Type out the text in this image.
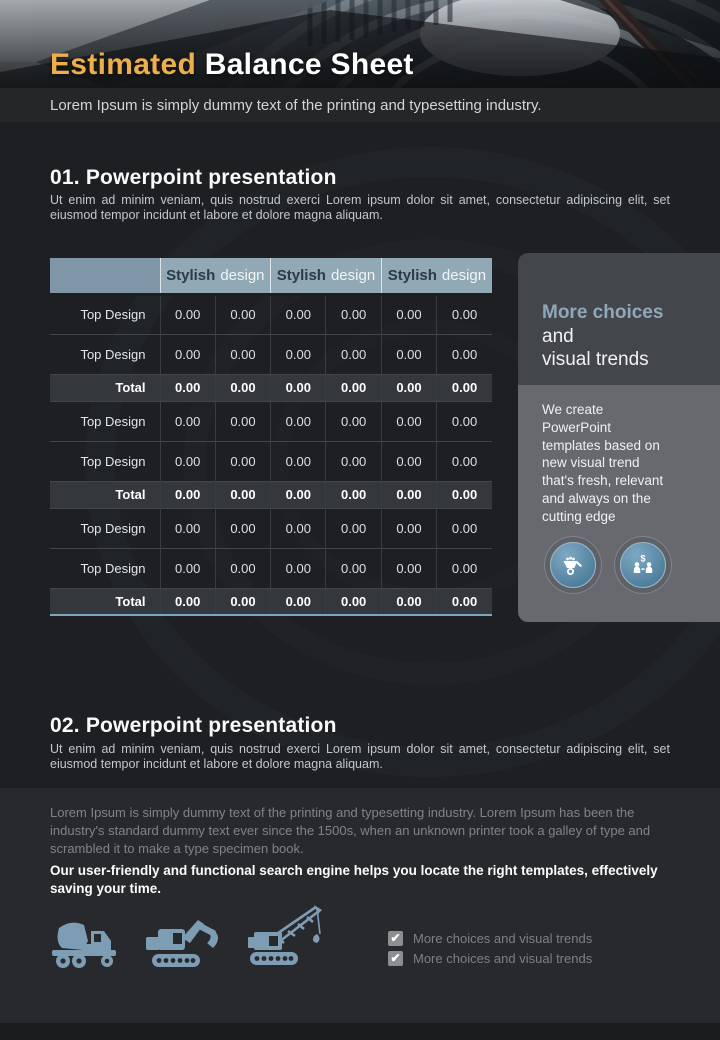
Estimated Balance Sheet
Lorem Ipsum is simply dummy text of the printing and typesetting industry.
01. Powerpoint presentation
Ut enim ad minim veniam, quis nostrud exerci Lorem ipsum dolor sit amet, consectetur adipiscing elit, set eiusmod tempor incidunt et labore et dolore magna aliquam.
	Stylish design		Stylish design		Stylish design	
Top Design	0.00	0.00	0.00	0.00	0.00	0.00
Top Design	0.00	0.00	0.00	0.00	0.00	0.00
Total	0.00	0.00	0.00	0.00	0.00	0.00
Top Design	0.00	0.00	0.00	0.00	0.00	0.00
Top Design	0.00	0.00	0.00	0.00	0.00	0.00
Total	0.00	0.00	0.00	0.00	0.00	0.00
Top Design	0.00	0.00	0.00	0.00	0.00	0.00
Top Design	0.00	0.00	0.00	0.00	0.00	0.00
Total	0.00	0.00	0.00	0.00	0.00	0.00
More choices
and
visual trends
We create PowerPoint templates based on new visual trend that's fresh, relevant and always on the cutting edge
$
02. Powerpoint presentation
Ut enim ad minim veniam, quis nostrud exerci Lorem ipsum dolor sit amet, consectetur adipiscing elit, set eiusmod tempor incidunt et labore et dolore magna aliquam.
Lorem Ipsum is simply dummy text of the printing and typesetting industry. Lorem Ipsum has been the industry's standard dummy text ever since the 1500s, when an unknown printer took a galley of type and scrambled it to make a type specimen book.
Our user-friendly and functional search engine helps you locate the right templates, effectively saving your time.
✔ More choices and visual trends
✔ More choices and visual trends
